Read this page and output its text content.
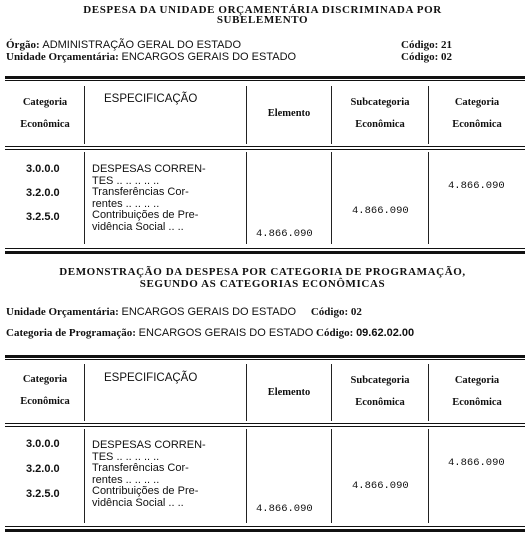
DESPESA DA UNIDADE ORÇAMENTÁRIA DISCRIMINADA POR
SUBELEMENTO
Órgão: ADMINISTRAÇÃO GERAL DO ESTADO	Código: 21
Unidade Orçamentária: ENCARGOS GERAIS DO ESTADO	Código: 02
Categoria
Econômica
ESPECIFICAÇÃO
Elemento
Subcategoria
Econômica
Categoria
Econômica
3.0.0.0
3.2.0.0
3.2.5.0
DESPESAS CORREN-
TES .. .. .. .. ..
Transferências Cor-
rentes .. .. .. ..
Contribuições de Pre-
vidência Social .. ..
4.866.090
4.866.090
4.866.090
DEMONSTRAÇÃO DA DESPESA POR CATEGORIA DE PROGRAMAÇÃO,
SEGUNDO AS CATEGORIAS ECONÔMICAS
Unidade Orçamentária: ENCARGOS GERAIS DO ESTADO Código: 02
Categoria de Programação: ENCARGOS GERAIS DO ESTADO Código: 09.62.02.00
Categoria
Econômica
ESPECIFICAÇÃO
Elemento
Subcategoria
Econômica
Categoria
Econômica
3.0.0.0
3.2.0.0
3.2.5.0
DESPESAS CORREN-
TES .. .. .. .. ..
Transferências Cor-
rentes .. .. .. ..
Contribuições de Pre-
vidência Social .. ..
4.866.090
4.866.090
4.866.090
